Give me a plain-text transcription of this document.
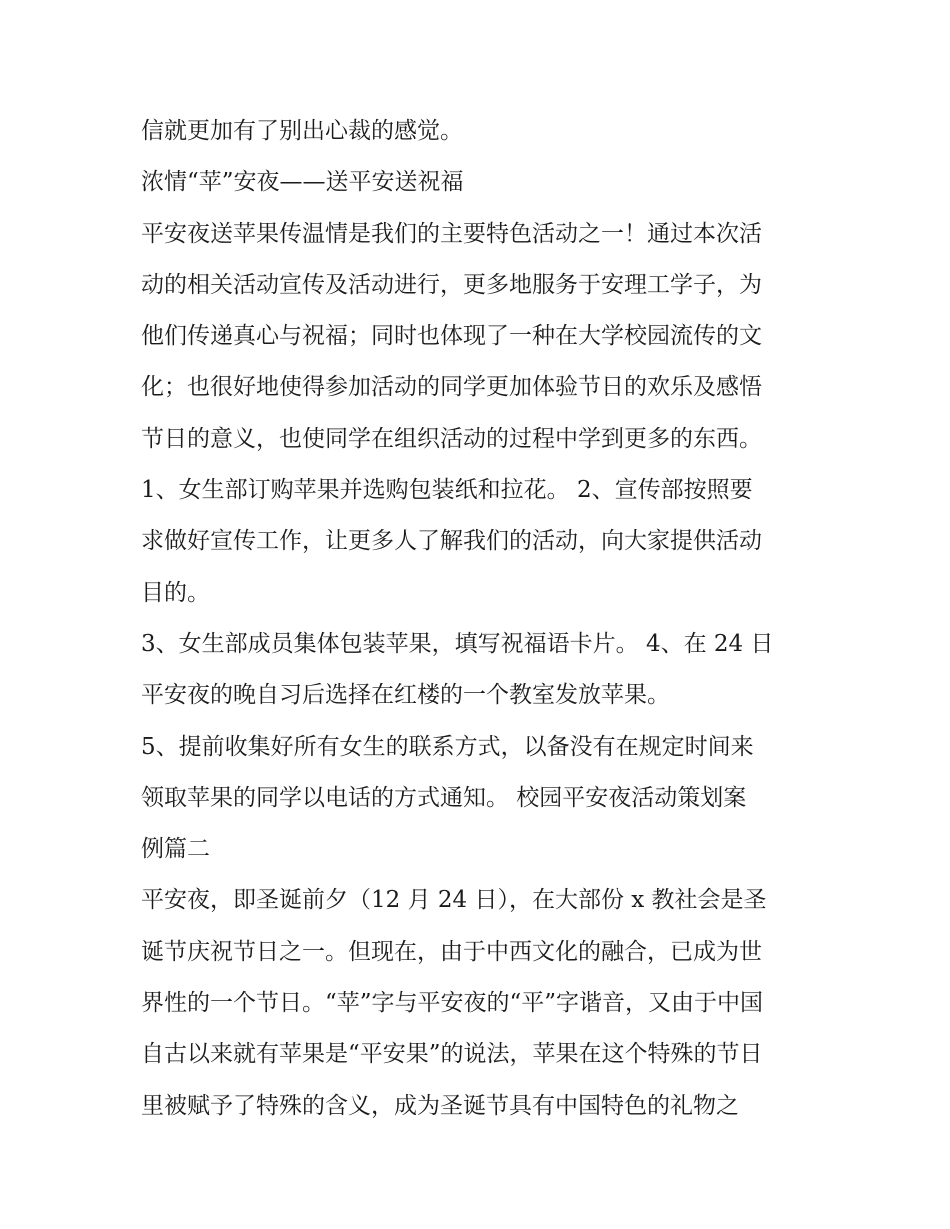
信就更加有了别出心裁的感觉。
浓情“苹”安夜——送平安送祝福
平安夜送苹果传温情是我们的主要特色活动之一！通过本次活
动的相关活动宣传及活动进行，更多地服务于安理工学子，为
他们传递真心与祝福；同时也体现了一种在大学校园流传的文
化；也很好地使得参加活动的同学更加体验节日的欢乐及感悟
节日的意义，也使同学在组织活动的过程中学到更多的东西。
1、女生部订购苹果并选购包装纸和拉花。 2、宣传部按照要
求做好宣传工作，让更多人了解我们的活动，向大家提供活动
目的。
3、女生部成员集体包装苹果，填写祝福语卡片。 4、在 24 日
平安夜的晚自习后选择在红楼的一个教室发放苹果。
5、提前收集好所有女生的联系方式，以备没有在规定时间来
领取苹果的同学以电话的方式通知。 校园平安夜活动策划案
例篇二
平安夜，即圣诞前夕（12 月 24 日），在大部份 x 教社会是圣
诞节庆祝节日之一。但现在，由于中西文化的融合，已成为世
界性的一个节日。“苹”字与平安夜的“平”字谐音，又由于中国
自古以来就有苹果是“平安果”的说法，苹果在这个特殊的节日
里被赋予了特殊的含义，成为圣诞节具有中国特色的礼物之
